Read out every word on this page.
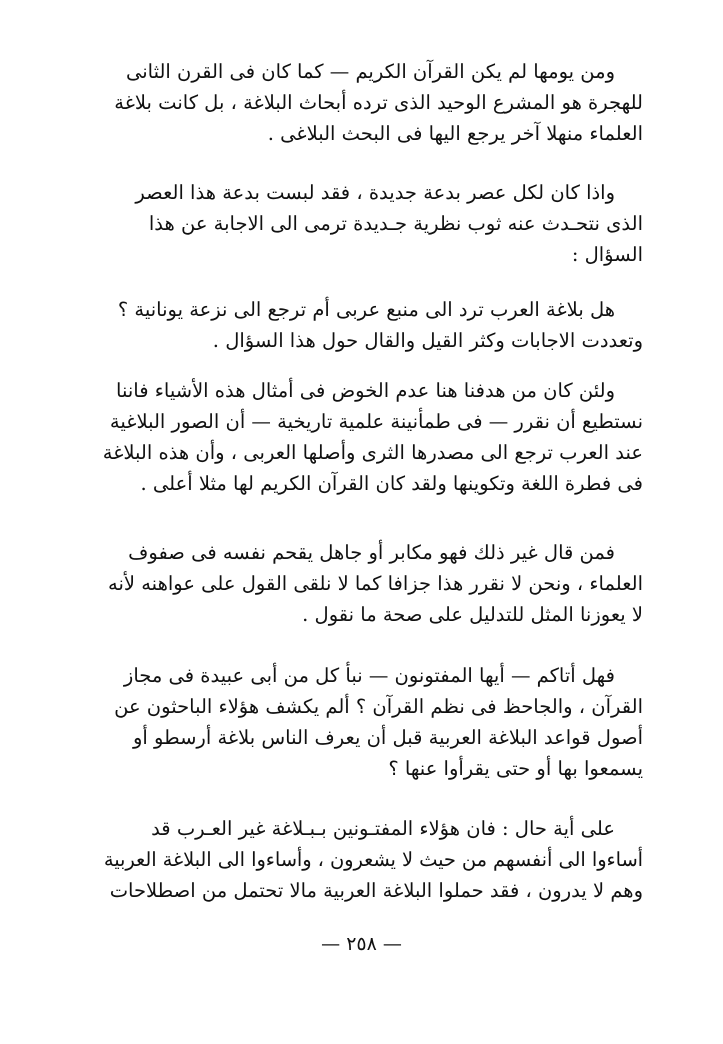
ومن يومها لم يكن القرآن الكريم — كما كان فى القرن الثانى
للهجرة هو المشرع الوحيد الذى ترده أبحاث البلاغة ، بل كانت بلاغة
العلماء منهلا آخر يرجع اليها فى البحث البلاغى .

واذا كان لكل عصر بدعة جديدة ، فقد لبست بدعة هذا العصر
الذى نتحـدث عنه ثوب نظرية جـديدة ترمى الى الاجابة عن هذا
السؤال :

هل بلاغة العرب ترد الى منبع عربى أم ترجع الى نزعة يونانية ؟
وتعددت الاجابات وكثر القيل والقال حول هذا السؤال .

ولئن كان من هدفنا هنا عدم الخوض فى أمثال هذه الأشياء فاننا
نستطيع أن نقرر — فى طمأنينة علمية تاريخية — أن الصور البلاغية
عند العرب ترجع الى مصدرها الثرى وأصلها العربى ، وأن هذه البلاغة
فى فطرة اللغة وتكوينها ولقد كان القرآن الكريم لها مثلا أعلى .

فمن قال غير ذلك فهو مكابر أو جاهل يقحم نفسه فى صفوف
العلماء ، ونحن لا نقرر هذا جزافا كما لا نلقى القول على عواهنه لأنه
لا يعوزنا المثل للتدليل على صحة ما نقول .

فهل أتاكم — أيها المفتونون — نبأ كل من أبى عبيدة فى مجاز
القرآن ، والجاحظ فى نظم القرآن ؟ ألم يكشف هؤلاء الباحثون عن
أصول قواعد البلاغة العربية قبل أن يعرف الناس بلاغة أرسطو أو
يسمعوا بها أو حتى يقرأوا عنها ؟

على أية حال : فان هؤلاء المفتـونين بـبـلاغة غير العـرب قد
أساءوا الى أنفسهم من حيث لا يشعرون ، وأساءوا الى البلاغة العربية
وهم لا يدرون ، فقد حملوا البلاغة العربية مالا تحتمل من اصطلاحات

— ٢٥٨ —
